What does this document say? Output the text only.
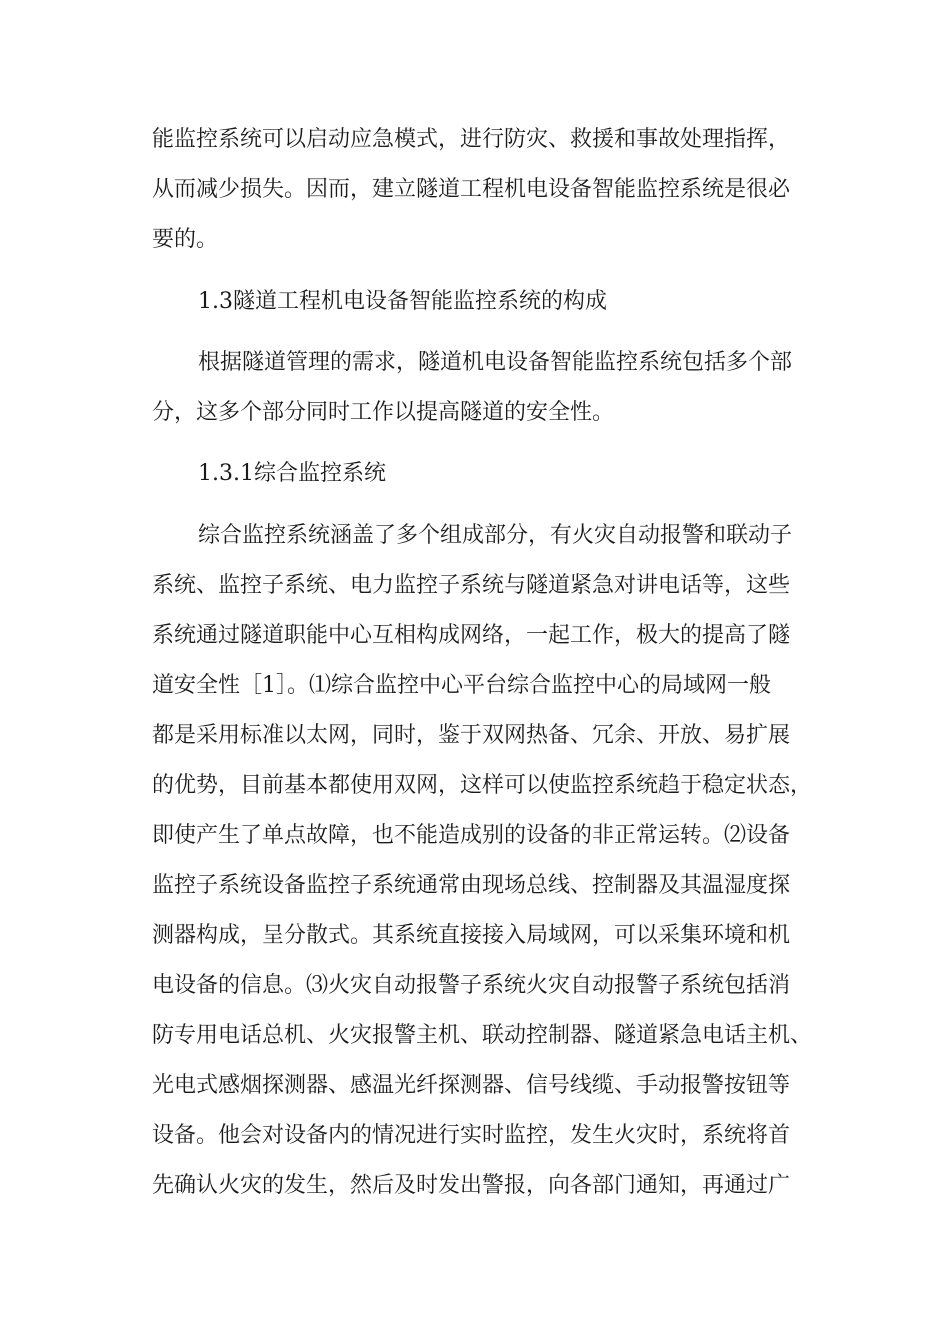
能监控系统可以启动应急模式，进行防灾、救援和事故处理指挥，
从而减少损失。因而，建立隧道工程机电设备智能监控系统是很必
要的。
1.3隧道工程机电设备智能监控系统的构成
根据隧道管理的需求，隧道机电设备智能监控系统包括多个部
分，这多个部分同时工作以提高隧道的安全性。
1.3.1综合监控系统
综合监控系统涵盖了多个组成部分，有火灾自动报警和联动子
系统、监控子系统、电力监控子系统与隧道紧急对讲电话等，这些
系统通过隧道职能中心互相构成网络，一起工作，极大的提高了隧
道安全性［1］。⑴综合监控中心平台综合监控中心的局域网一般
都是采用标准以太网，同时，鉴于双网热备、冗余、开放、易扩展
的优势，目前基本都使用双网，这样可以使监控系统趋于稳定状态，
即使产生了单点故障，也不能造成别的设备的非正常运转。⑵设备
监控子系统设备监控子系统通常由现场总线、控制器及其温湿度探
测器构成，呈分散式。其系统直接接入局域网，可以采集环境和机
电设备的信息。⑶火灾自动报警子系统火灾自动报警子系统包括消
防专用电话总机、火灾报警主机、联动控制器、隧道紧急电话主机、
光电式感烟探测器、感温光纤探测器、信号线缆、手动报警按钮等
设备。他会对设备内的情况进行实时监控，发生火灾时，系统将首
先确认火灾的发生，然后及时发出警报，向各部门通知，再通过广
